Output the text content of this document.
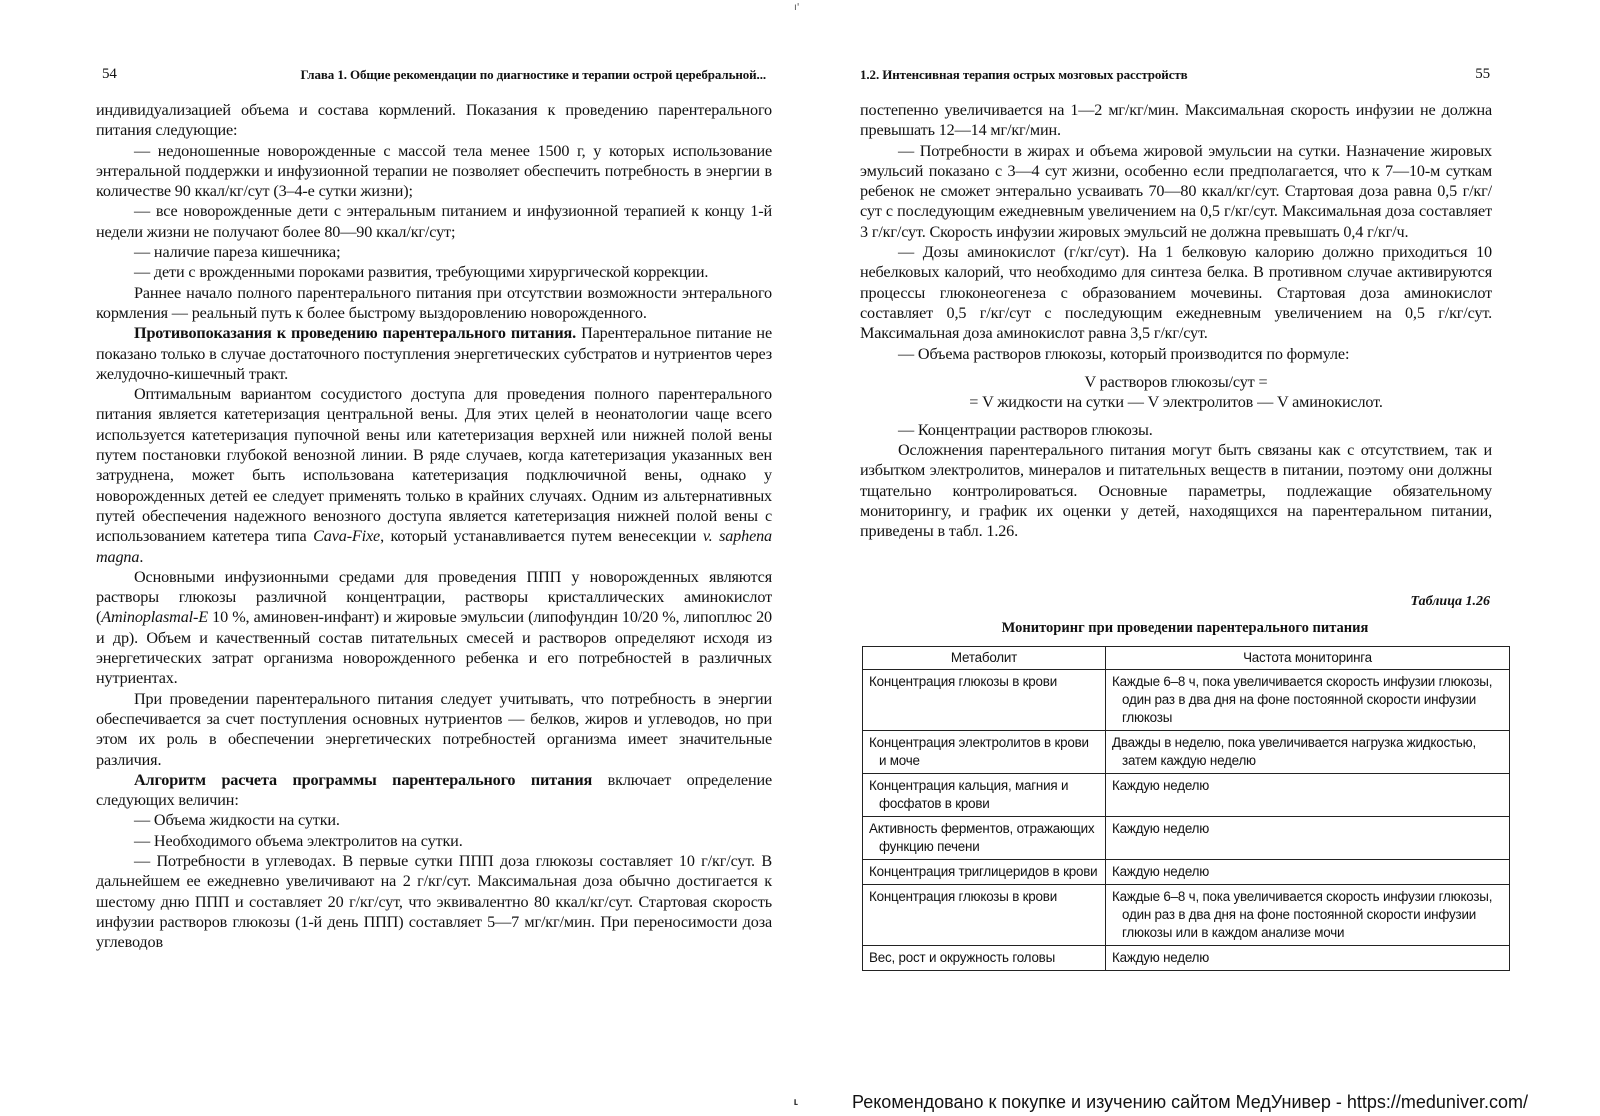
ı'
54	Глава 1. Общие рекомендации по диагностике и терапии острой церебральной...

индивидуализацией объема и состава кормлений. Показания к проведению парентерального питания следующие:

— недоношенные новорожденные с массой тела менее 1500 г, у которых использование энтеральной поддержки и инфузионной терапии не позволяет обеспечить потребность в энергии в количестве 90 ккал/кг/сут (3–4-е сутки жизни);

— все новорожденные дети с энтеральным питанием и инфузионной терапией к концу 1-й недели жизни не получают более 80—90 ккал/кг/сут;

— наличие пареза кишечника;

— дети с врожденными пороками развития, требующими хирургической коррекции.

Раннее начало полного парентерального питания при отсутствии возможности энтерального кормления — реальный путь к более быстрому выздоровлению новорожденного.

Противопоказания к проведению парентерального питания. Парентеральное питание не показано только в случае достаточного поступления энергетических субстратов и нутриентов через желудочно-кишечный тракт.

Оптимальным вариантом сосудистого доступа для проведения полного парентерального питания является катетеризация центральной вены. Для этих целей в неонатологии чаще всего используется катетеризация пупочной вены или катетеризация верхней или нижней полой вены путем постановки глубокой венозной линии. В ряде случаев, когда катетеризация указанных вен затруднена, может быть использована катетеризация подключичной вены, однако у новорожденных детей ее следует применять только в крайних случаях. Одним из альтернативных путей обеспечения надежного венозного доступа является катетеризация нижней полой вены с использованием катетера типа Cava-Fixe, который устанавливается путем венесекции v. saphena magna.

Основными инфузионными средами для проведения ППП у новорожденных являются растворы глюкозы различной концентрации, растворы кристаллических аминокислот (Aminoplasmal-E 10 %, аминовен-инфант) и жировые эмульсии (липофундин 10/20 %, липоплюс 20 и др). Объем и качественный состав питательных смесей и растворов определяют исходя из энергетических затрат организма новорожденного ребенка и его потребностей в различных нутриентах.

При проведении парентерального питания следует учитывать, что потребность в энергии обеспечивается за счет поступления основных нутриентов — белков, жиров и углеводов, но при этом их роль в обеспечении энергетических потребностей организма имеет значительные различия.

Алгоритм расчета программы парентерального питания включает определение следующих величин:

— Объема жидкости на сутки.

— Необходимого объема электролитов на сутки.

— Потребности в углеводах. В первые сутки ППП доза глюкозы составляет 10 г/кг/сут. В дальнейшем ее ежедневно увеличивают на 2 г/кг/сут. Максимальная доза обычно достигается к шестому дню ППП и составляет 20 г/кг/сут, что эквивалентно 80 ккал/кг/сут. Стартовая скорость инфузии растворов глюкозы (1-й день ППП) составляет 5—7 мг/кг/мин. При переносимости доза углеводов

1.2. Интенсивная терапия острых мозговых расстройств	55

постепенно увеличивается на 1—2 мг/кг/мин. Максимальная скорость инфузии не должна превышать 12—14 мг/кг/мин.

— Потребности в жирах и объема жировой эмульсии на сутки. Назначение жировых эмульсий показано с 3—4 сут жизни, особенно если предполагается, что к 7—10-м суткам ребенок не сможет энтерально усваивать 70—80 ккал/кг/сут. Стартовая доза равна 0,5 г/кг/сут с последующим ежедневным увеличением на 0,5 г/кг/сут. Максимальная доза составляет 3 г/кг/сут. Скорость инфузии жировых эмульсий не должна превышать 0,4 г/кг/ч.

— Дозы аминокислот (г/кг/сут). На 1 белковую калорию должно приходиться 10 небелковых калорий, что необходимо для синтеза белка. В противном случае активируются процессы глюконеогенеза с образованием мочевины. Стартовая доза аминокислот составляет 0,5 г/кг/сут с последующим ежедневным увеличением на 0,5 г/кг/сут. Максимальная доза аминокислот равна 3,5 г/кг/сут.

— Объема растворов глюкозы, который производится по формуле:

V растворов глюкозы/сут =
= V жидкости на сутки — V электролитов — V аминокислот.

— Концентрации растворов глюкозы.

Осложнения парентерального питания могут быть связаны как с отсутствием, так и избытком электролитов, минералов и питательных веществ в питании, поэтому они должны тщательно контролироваться. Основные параметры, подлежащие обязательному мониторингу, и график их оценки у детей, находящихся на парентеральном питании, приведены в табл. 1.26.

Таблица 1.26
Мониторинг при проведении парентерального питания
Метаболит	Частота мониторинга

Концентрация глюкозы в крови	Каждые 6–8 ч, пока увеличивается скорость инфузии глюкозы, один раз в два дня на фоне постоянной скорости инфузии глюкозы

Концентрация электролитов в крови и моче	Дважды в неделю, пока увеличивается нагрузка жидкостью, затем каждую неделю

Концентрация кальция, магния и фосфатов в крови	Каждую неделю

Активность ферментов, отражающих функцию печени	Каждую неделю

Концентрация триглицеридов в крови	Каждую неделю

Концентрация глюкозы в крови	Каждые 6–8 ч, пока увеличивается скорость инфузии глюкозы, один раз в два дня на фоне постоянной скорости инфузии глюкозы или в каждом анализе мочи

Вес, рост и окружность головы	Каждую неделю
⸤	Рекомендовано к покупке и изучению сайтом МедУнивер - https://meduniver.com/
